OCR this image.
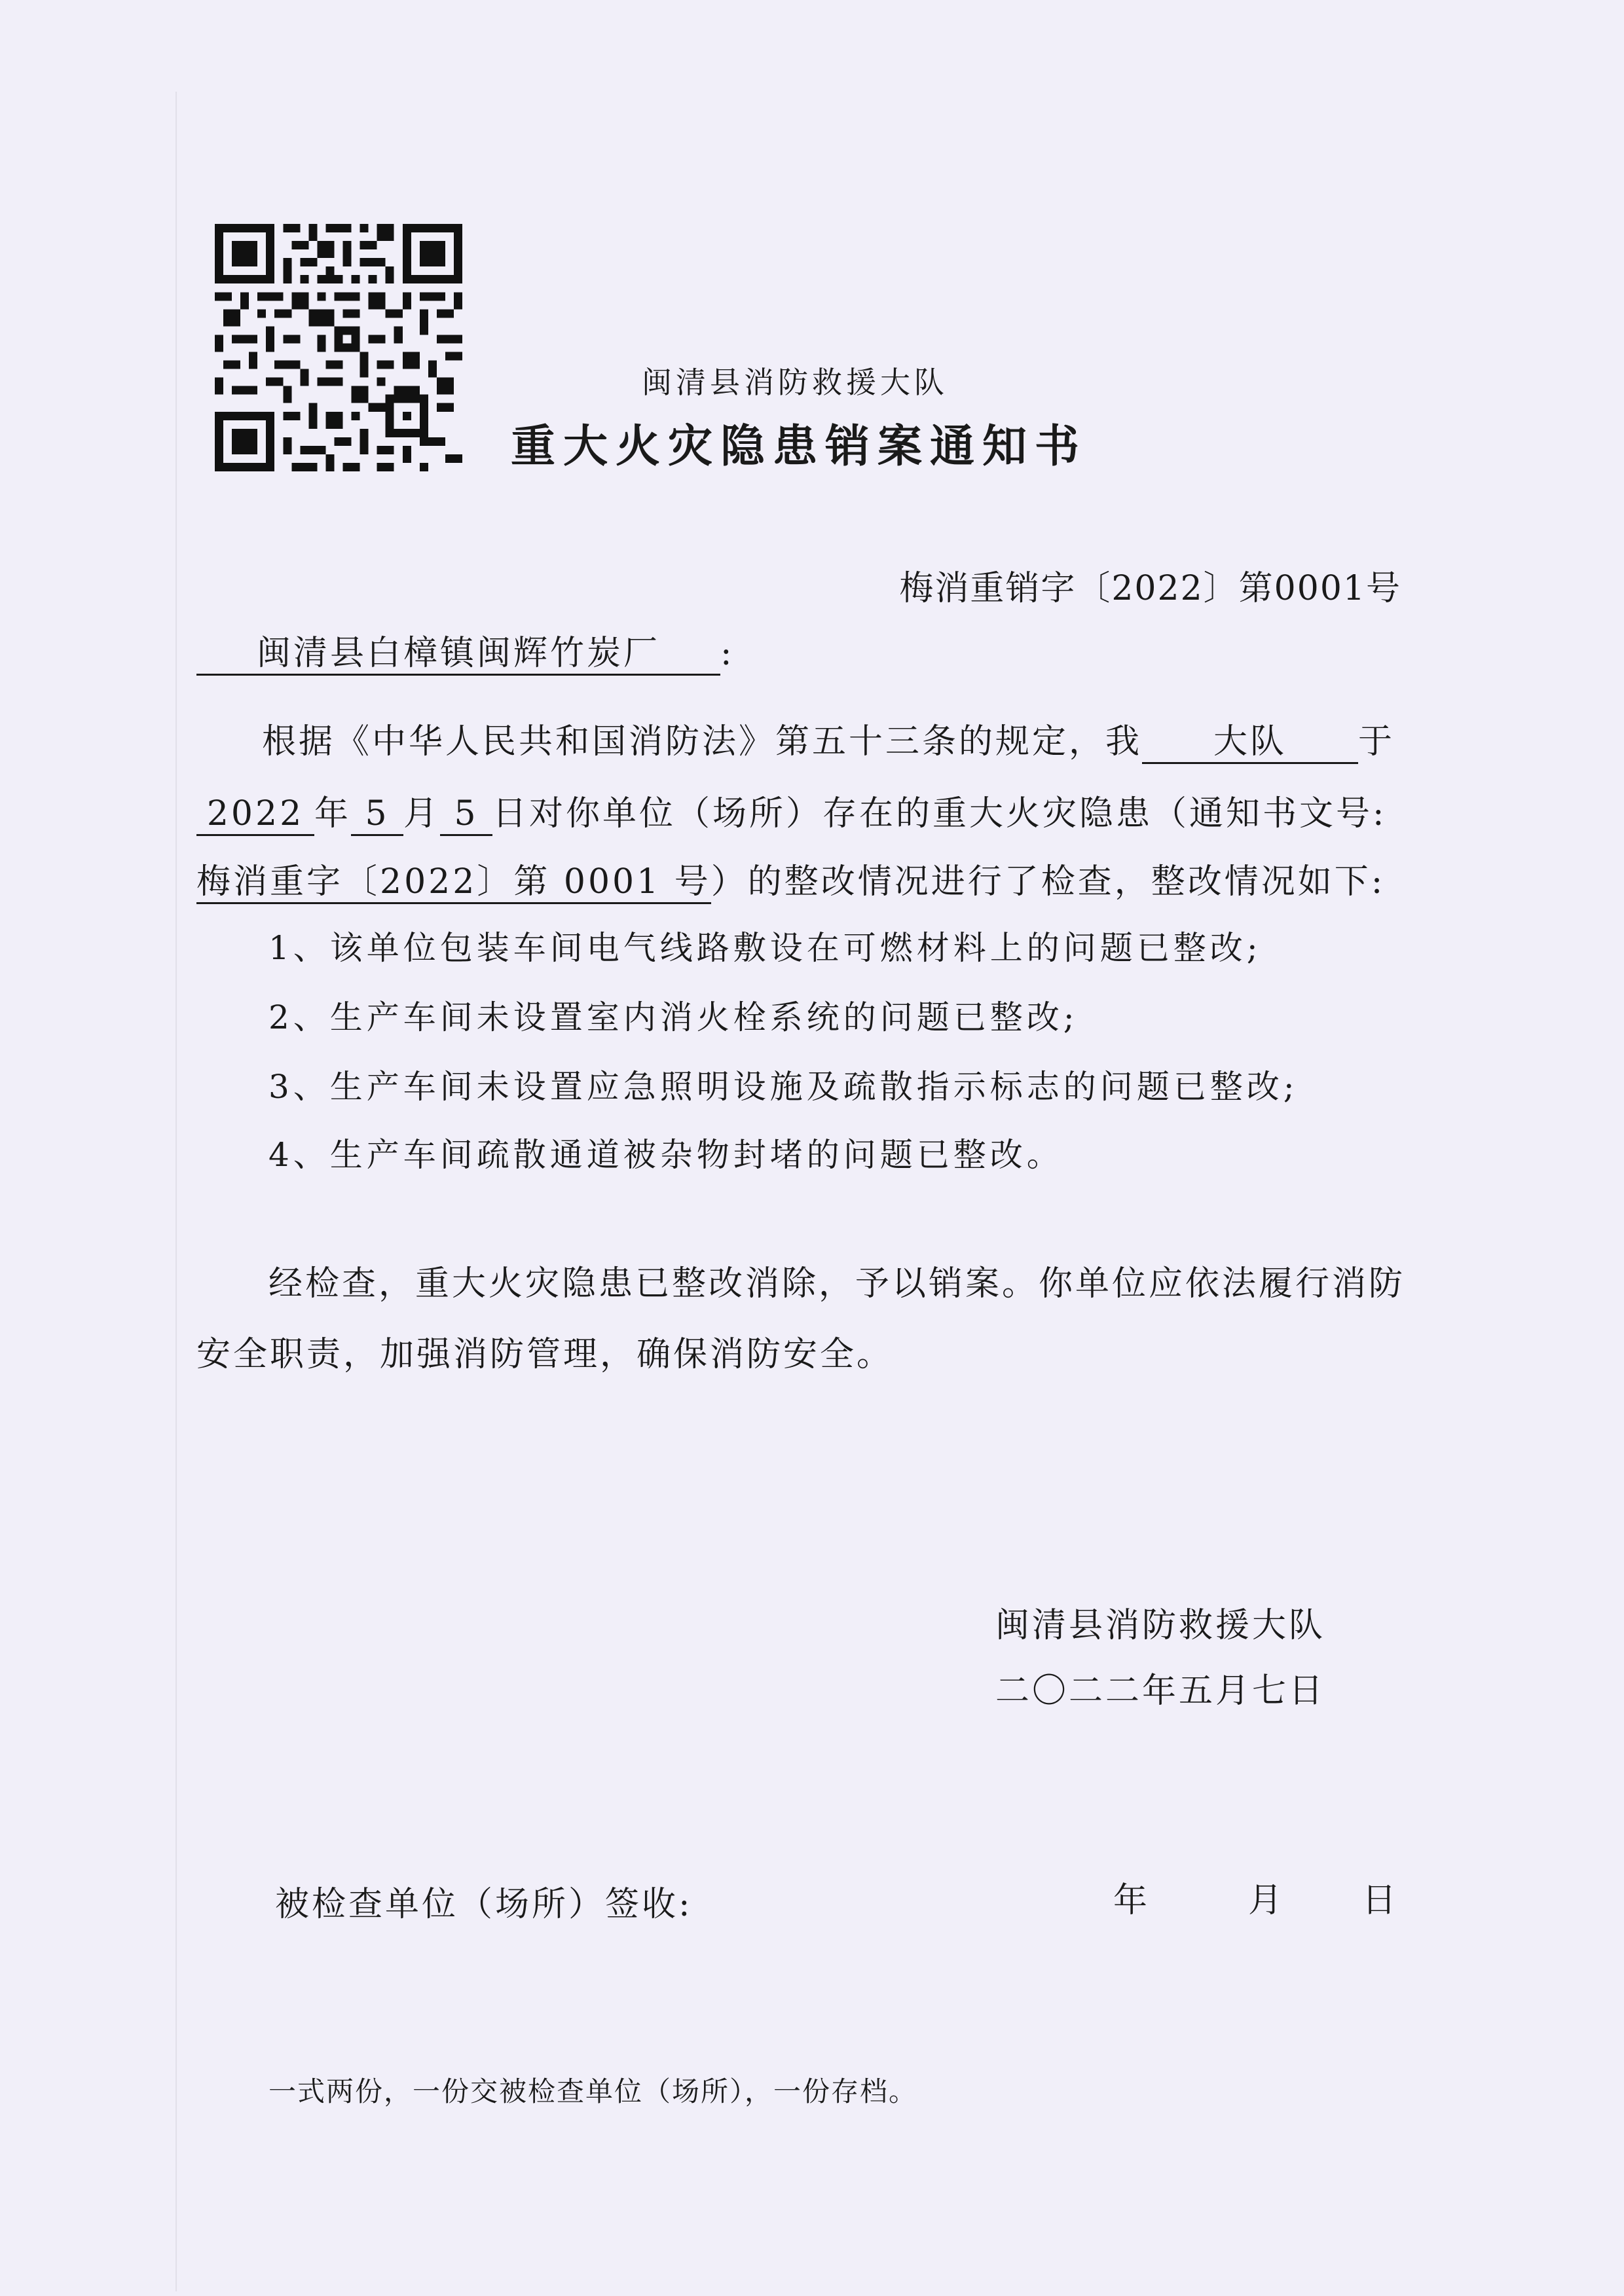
闽清县消防救援大队
重大火灾隐患销案通知书
梅消重销字〔2022〕第0001号
闽清县白樟镇闽辉竹炭厂 :
根据《中华人民共和国消防法》第五十三条的规定，我 大队 于
2022 年 5 月 5 日对你单位（场所）存在的重大火灾隐患（通知书文号:
梅消重字〔2022〕第 0001 号）的整改情况进行了检查，整改情况如下:
1、该单位包装车间电气线路敷设在可燃材料上的问题已整改;
2、生产车间未设置室内消火栓系统的问题已整改;
3、生产车间未设置应急照明设施及疏散指示标志的问题已整改;
4、生产车间疏散通道被杂物封堵的问题已整改。
经检查，重大火灾隐患已整改消除，予以销案。你单位应依法履行消防
安全职责，加强消防管理，确保消防安全。
闽清县消防救援大队
二〇二二年五月七日
被检查单位（场所）签收:	年	月 日
一式两份，一份交被检查单位（场所），一份存档。
